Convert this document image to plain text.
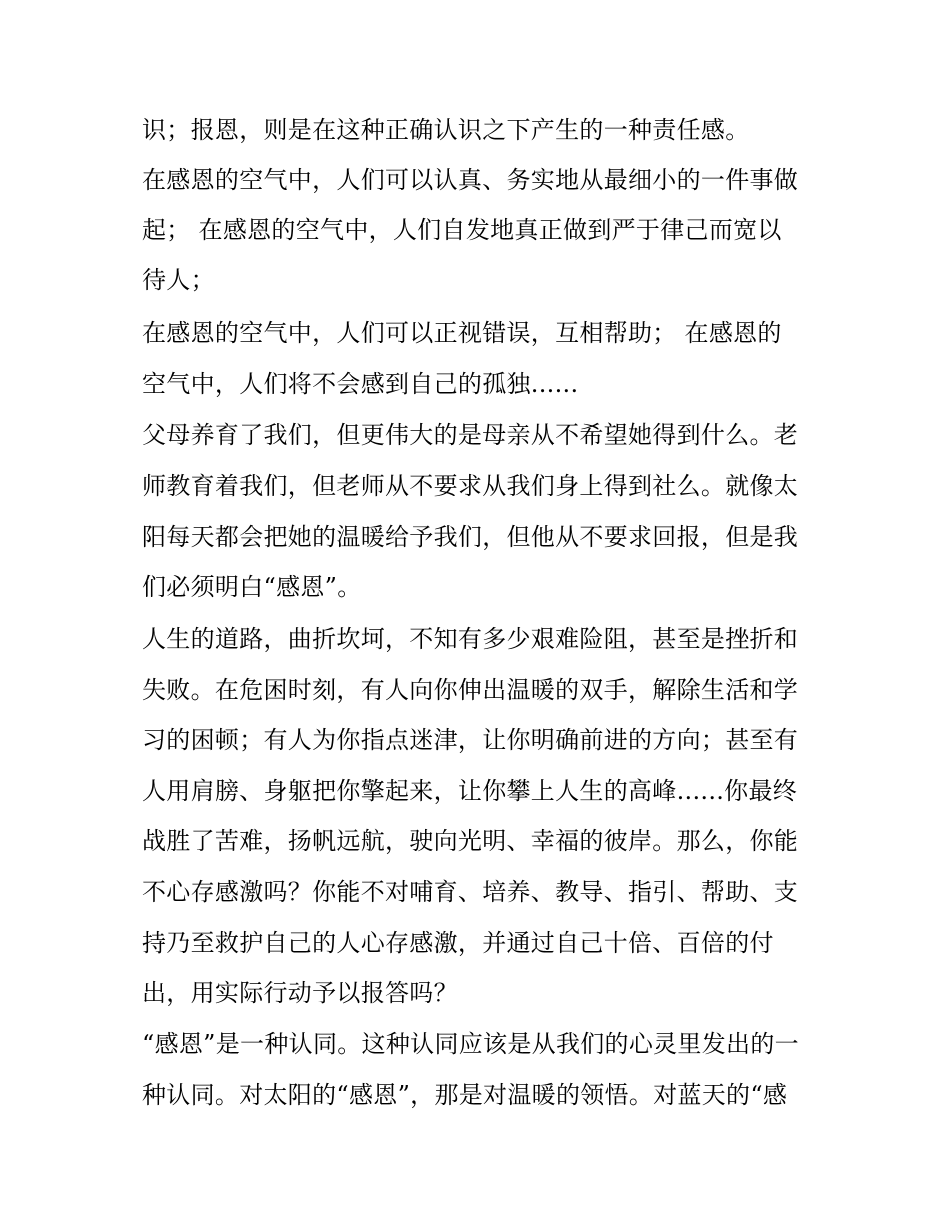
识；报恩，则是在这种正确认识之下产生的一种责任感。
在感恩的空气中，人们可以认真、务实地从最细小的一件事做
起； 在感恩的空气中，人们自发地真正做到严于律己而宽以
待人；
在感恩的空气中，人们可以正视错误，互相帮助； 在感恩的
空气中，人们将不会感到自己的孤独......
父母养育了我们，但更伟大的是母亲从不希望她得到什么。老
师教育着我们，但老师从不要求从我们身上得到社么。就像太
阳每天都会把她的温暖给予我们，但他从不要求回报，但是我
们必须明白“感恩”。
人生的道路，曲折坎坷，不知有多少艰难险阻，甚至是挫折和
失败。在危困时刻，有人向你伸出温暖的双手，解除生活和学
习的困顿；有人为你指点迷津，让你明确前进的方向；甚至有
人用肩膀、身躯把你擎起来，让你攀上人生的高峰......你最终
战胜了苦难，扬帆远航，驶向光明、幸福的彼岸。那么，你能
不心存感激吗？你能不对哺育、培养、教导、指引、帮助、支
持乃至救护自己的人心存感激，并通过自己十倍、百倍的付
出，用实际行动予以报答吗？
“感恩”是一种认同。这种认同应该是从我们的心灵里发出的一
种认同。对太阳的“感恩”，那是对温暖的领悟。对蓝天的“感
